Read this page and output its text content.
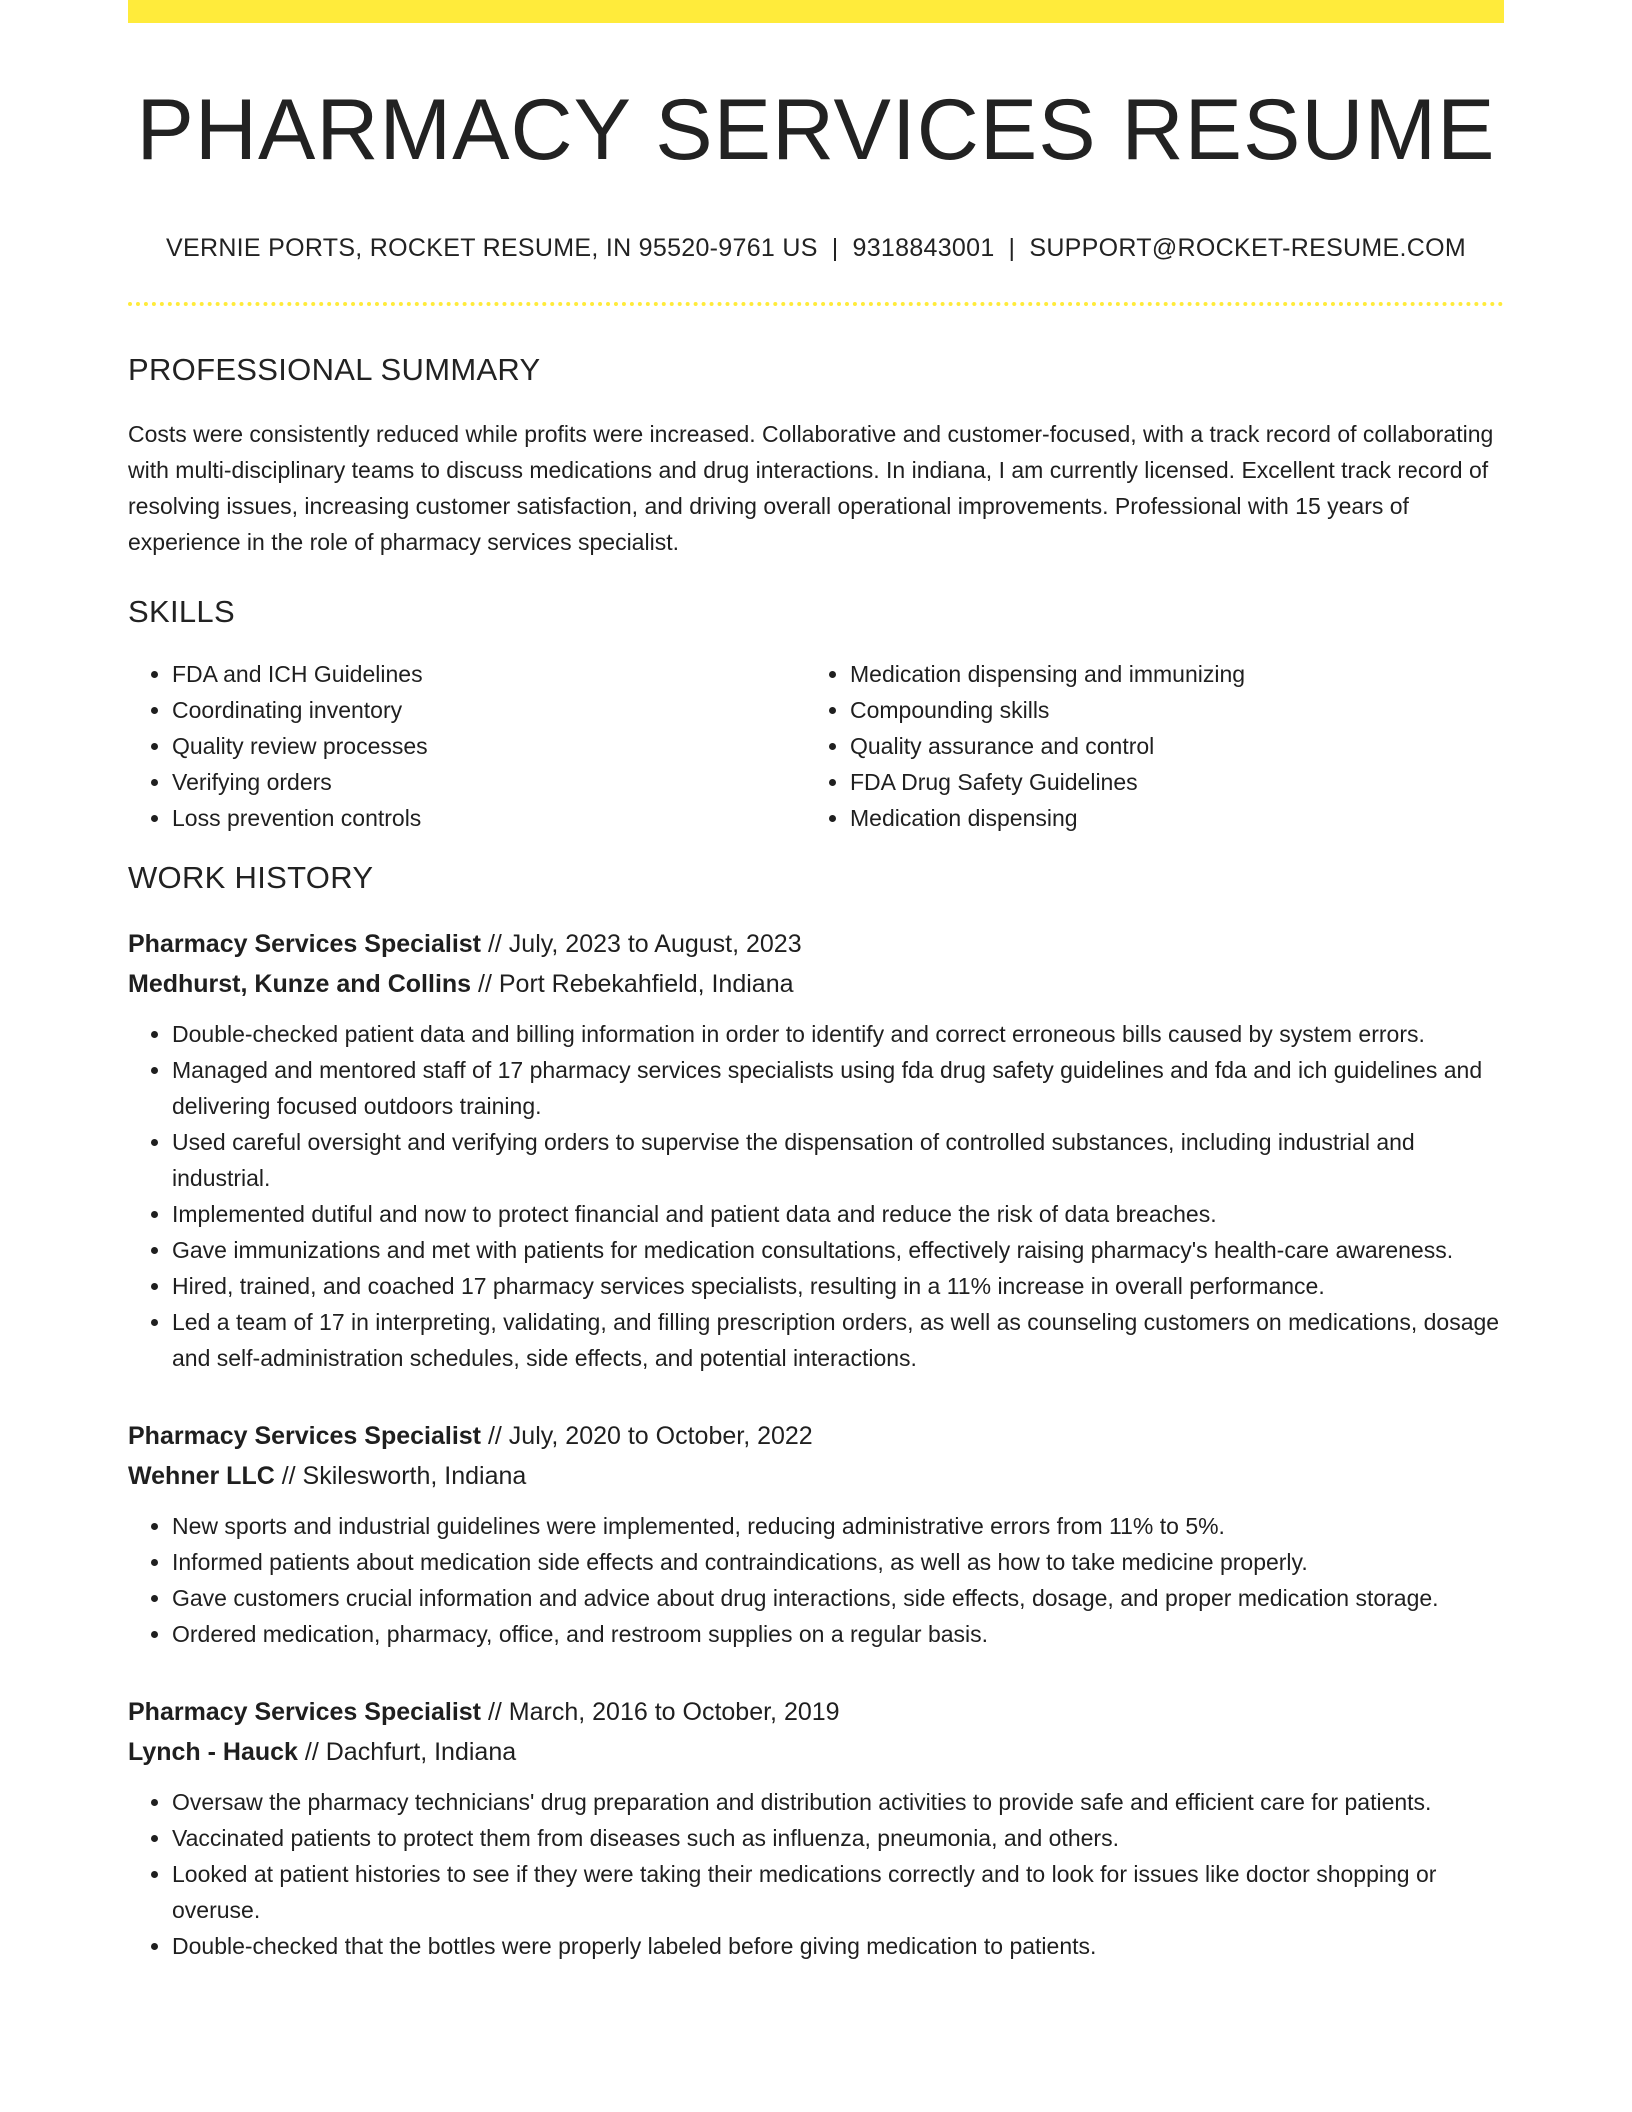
PHARMACY SERVICES RESUME
VERNIE PORTS, ROCKET RESUME, IN 95520-9761 US | 9318843001 | SUPPORT@ROCKET-RESUME.COM
PROFESSIONAL SUMMARY

Costs were consistently reduced while profits were increased. Collaborative and customer-focused, with a track record of collaborating with multi-disciplinary teams to discuss medications and drug interactions. In indiana, I am currently licensed. Excellent track record of resolving issues, increasing customer satisfaction, and driving overall operational improvements. Professional with 15 years of experience in the role of pharmacy services specialist.

SKILLS
• FDA and ICH Guidelines
• Coordinating inventory
• Quality review processes
• Verifying orders
• Loss prevention controls
• Medication dispensing and immunizing
• Compounding skills
• Quality assurance and control
• FDA Drug Safety Guidelines
• Medication dispensing
WORK HISTORY
Pharmacy Services Specialist // July, 2023 to August, 2023
Medhurst, Kunze and Collins // Port Rebekahfield, Indiana
• Double-checked patient data and billing information in order to identify and correct erroneous bills caused by system errors.
• Managed and mentored staff of 17 pharmacy services specialists using fda drug safety guidelines and fda and ich guidelines and delivering focused outdoors training.
• Used careful oversight and verifying orders to supervise the dispensation of controlled substances, including industrial and industrial.
• Implemented dutiful and now to protect financial and patient data and reduce the risk of data breaches.
• Gave immunizations and met with patients for medication consultations, effectively raising pharmacy's health-care awareness.
• Hired, trained, and coached 17 pharmacy services specialists, resulting in a 11% increase in overall performance.
• Led a team of 17 in interpreting, validating, and filling prescription orders, as well as counseling customers on medications, dosage and self-administration schedules, side effects, and potential interactions.
Pharmacy Services Specialist // July, 2020 to October, 2022
Wehner LLC // Skilesworth, Indiana
• New sports and industrial guidelines were implemented, reducing administrative errors from 11% to 5%.
• Informed patients about medication side effects and contraindications, as well as how to take medicine properly.
• Gave customers crucial information and advice about drug interactions, side effects, dosage, and proper medication storage.
• Ordered medication, pharmacy, office, and restroom supplies on a regular basis.
Pharmacy Services Specialist // March, 2016 to October, 2019
Lynch - Hauck // Dachfurt, Indiana
• Oversaw the pharmacy technicians' drug preparation and distribution activities to provide safe and efficient care for patients.
• Vaccinated patients to protect them from diseases such as influenza, pneumonia, and others.
• Looked at patient histories to see if they were taking their medications correctly and to look for issues like doctor shopping or overuse.
• Double-checked that the bottles were properly labeled before giving medication to patients.
